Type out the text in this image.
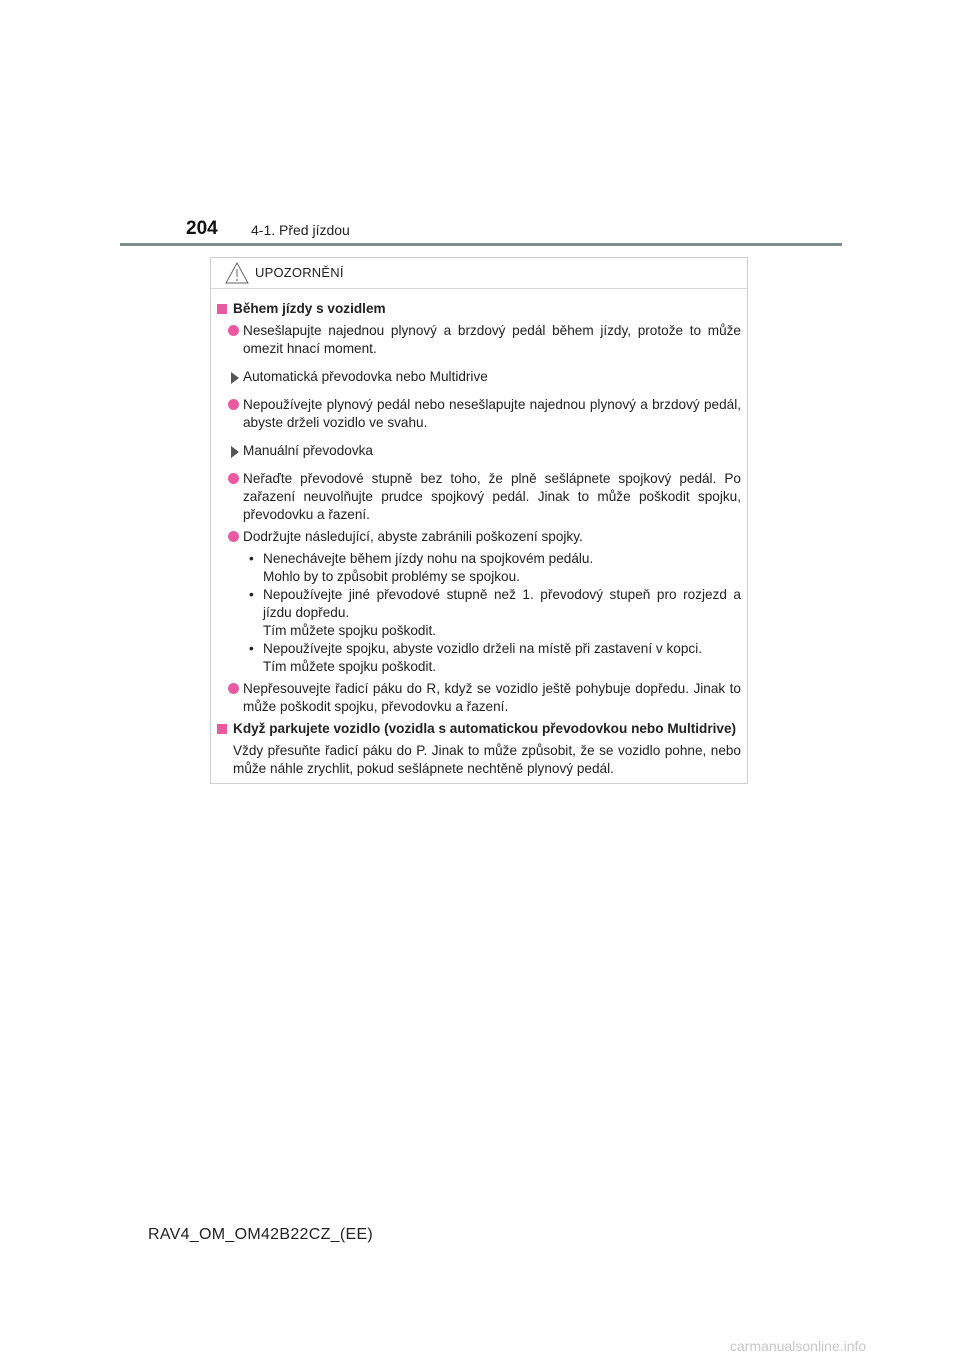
204 4-1. Před jízdou
UPOZORNĚNÍ
Během jízdy s vozidlem
Nesešlapujte najednou plynový a brzdový pedál během jízdy, protože to může omezit hnací moment.
Automatická převodovka nebo Multidrive
Nepoužívejte plynový pedál nebo nesešlapujte najednou plynový a brzdový pedál, abyste drželi vozidlo ve svahu.
Manuální převodovka
Neřaďte převodové stupně bez toho, že plně sešlápnete spojkový pedál. Po zařazení neuvolňujte prudce spojkový pedál. Jinak to může poškodit spojku, převodovku a řazení.
Dodržujte následující, abyste zabránili poškození spojky.
• Nenechávejte během jízdy nohu na spojkovém pedálu.
Mohlo by to způsobit problémy se spojkou.
• Nepoužívejte jiné převodové stupně než 1. převodový stupeň pro rozjezd a jízdu dopředu.
Tím můžete spojku poškodit.
• Nepoužívejte spojku, abyste vozidlo drželi na místě při zastavení v kopci.
Tím můžete spojku poškodit.
Nepřesouvejte řadicí páku do R, když se vozidlo ještě pohybuje dopředu. Jinak to může poškodit spojku, převodovku a řazení.
Když parkujete vozidlo (vozidla s automatickou převodovkou nebo Multidrive)

Vždy přesuňte řadicí páku do P. Jinak to může způsobit, že se vozidlo pohne, nebo může náhle zrychlit, pokud sešlápnete nechtěně plynový pedál.

RAV4_OM_OM42B22CZ_(EE)
carmanualsonline.info
